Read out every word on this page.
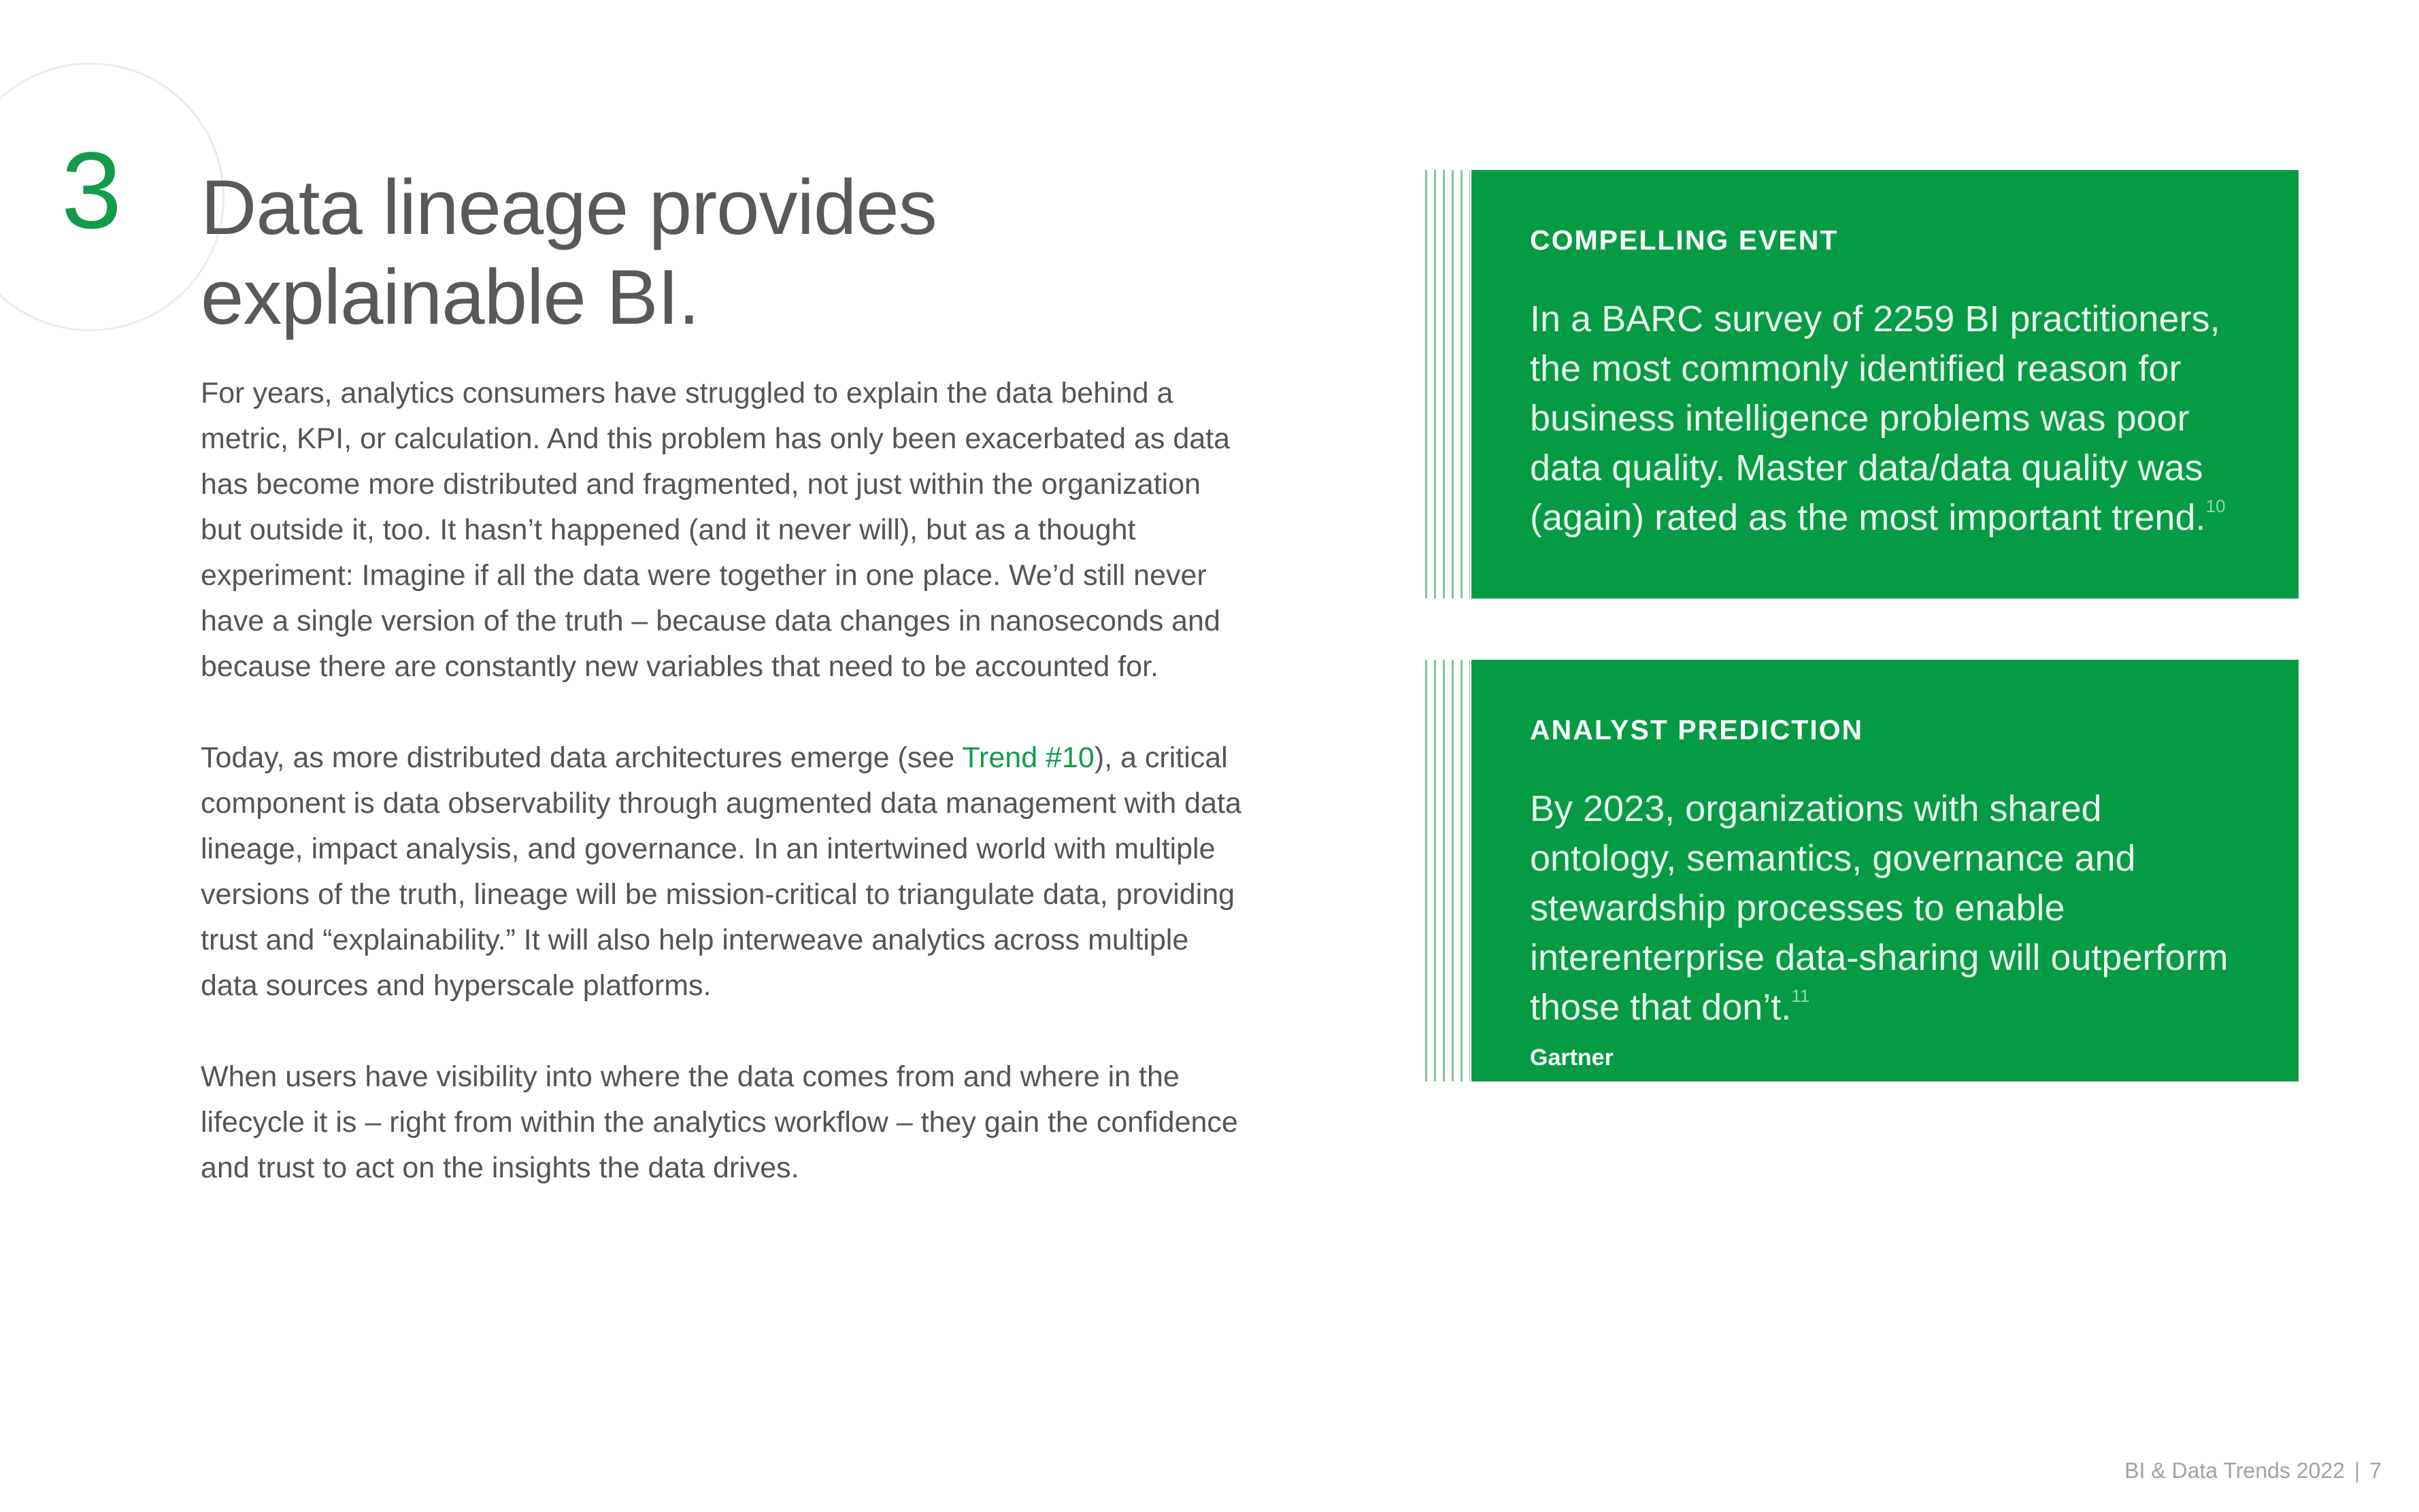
3 Data lineage provides
explainable BI.

For years, analytics consumers have struggled to explain the data behind a metric, KPI, or calculation. And this problem has only been exacerbated as data has become more distributed and fragmented, not just within the organization but outside it, too. It hasn’t happened (and it never will), but as a thought experiment: Imagine if all the data were together in one place. We’d still never have a single version of the truth – because data changes in nanoseconds and because there are constantly new variables that need to be accounted for.

Today, as more distributed data architectures emerge (see Trend #10), a critical component is data observability through augmented data management with data lineage, impact analysis, and governance. In an intertwined world with multiple versions of the truth, lineage will be mission-critical to triangulate data, providing trust and “explainability.” It will also help interweave analytics across multiple data sources and hyperscale platforms.

When users have visibility into where the data comes from and where in the lifecycle it is – right from within the analytics workflow – they gain the confidence and trust to act on the insights the data drives.

COMPELLING EVENT
In a BARC survey of 2259 BI practitioners, the most commonly identified reason for business intelligence problems was poor data quality. Master data/data quality was (again) rated as the most important trend.$^{10}$
ANALYST PREDICTION
By 2023, organizations with shared ontology, semantics, governance and stewardship processes to enable interenterprise data-sharing will outperform those that don’t.$^{11}$
Gartner
BI & Data Trends 2022 | 7
